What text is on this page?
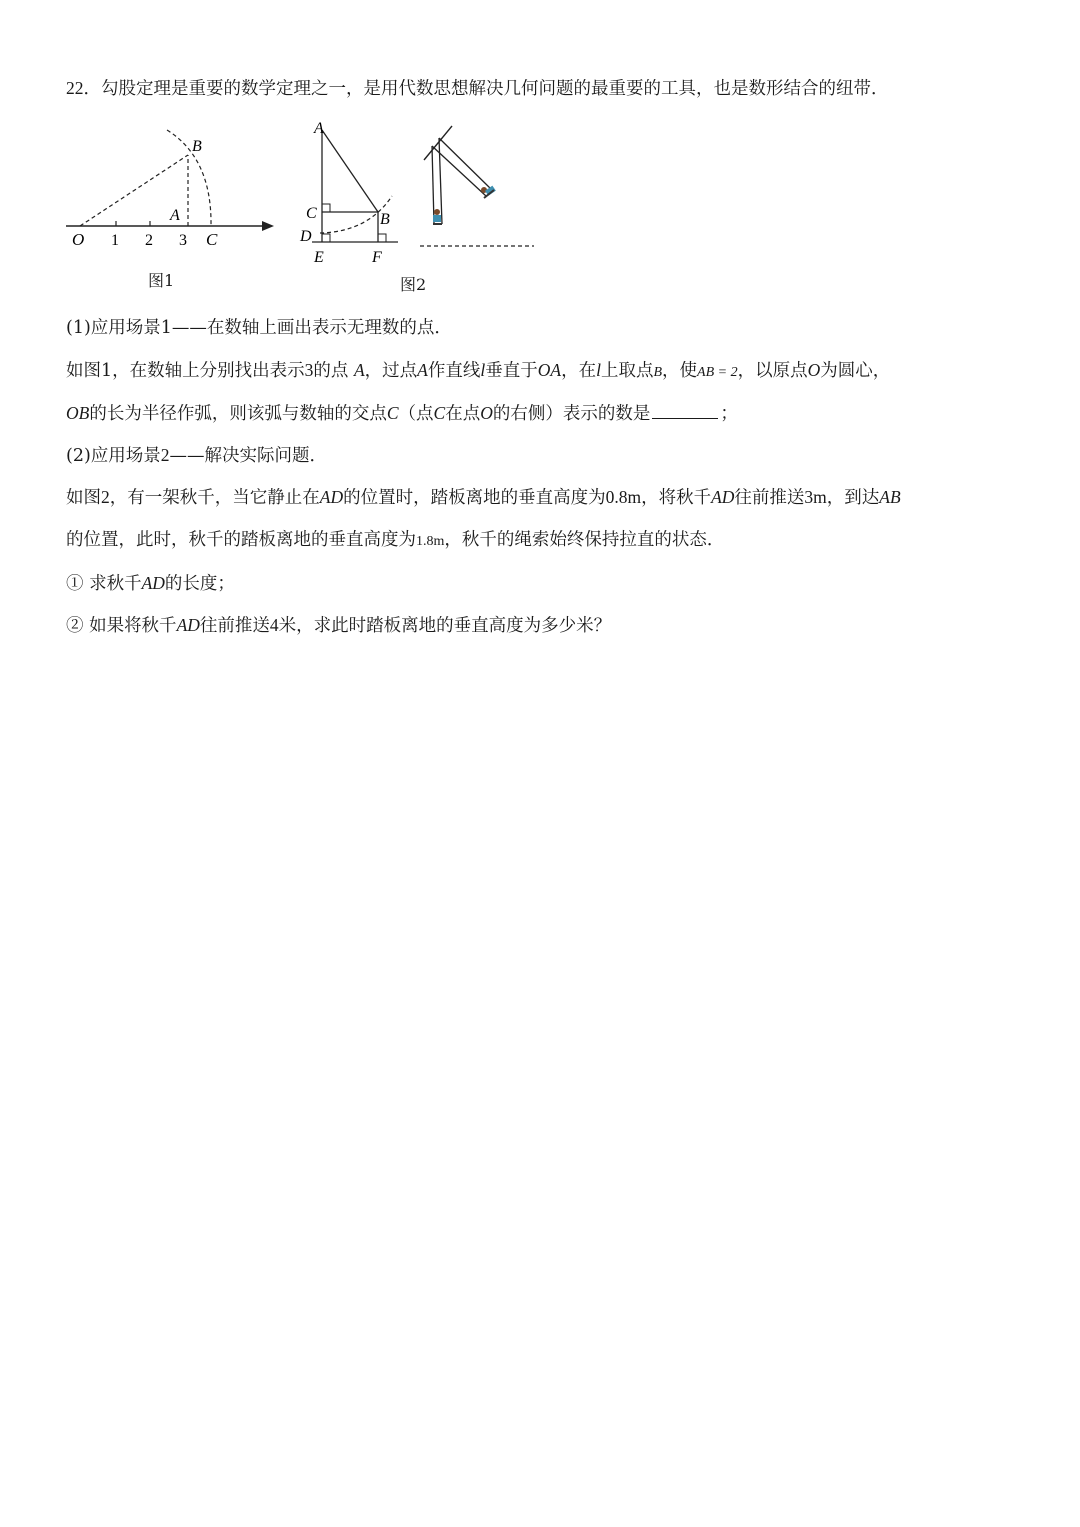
22．勾股定理是重要的数学定理之一，是用代数思想解决几何问题的最重要的工具，也是数形结合的纽带．
O 1 2 3
A
B
C
图1
A
C	B
D
E	F
图2
(1)应用场景1——在数轴上画出表示无理数的点．
如图1，在数轴上分别找出表示3的点 A，过点A作直线l垂直于OA，在l上取点B，使AB = 2，以原点O为圆心，
OB的长为半径作弧，则该弧与数轴的交点C（点C在点O的右侧）表示的数是	；
(2)应用场景2——解决实际问题．
如图2，有一架秋千，当它静止在AD的位置时，踏板离地的垂直高度为0.8m，将秋千AD往前推送3m，到达AB
的位置，此时，秋千的踏板离地的垂直高度为1.8m，秋千的绳索始终保持拉直的状态．
① 求秋千AD的长度；
② 如果将秋千AD往前推送4米，求此时踏板离地的垂直高度为多少米？
